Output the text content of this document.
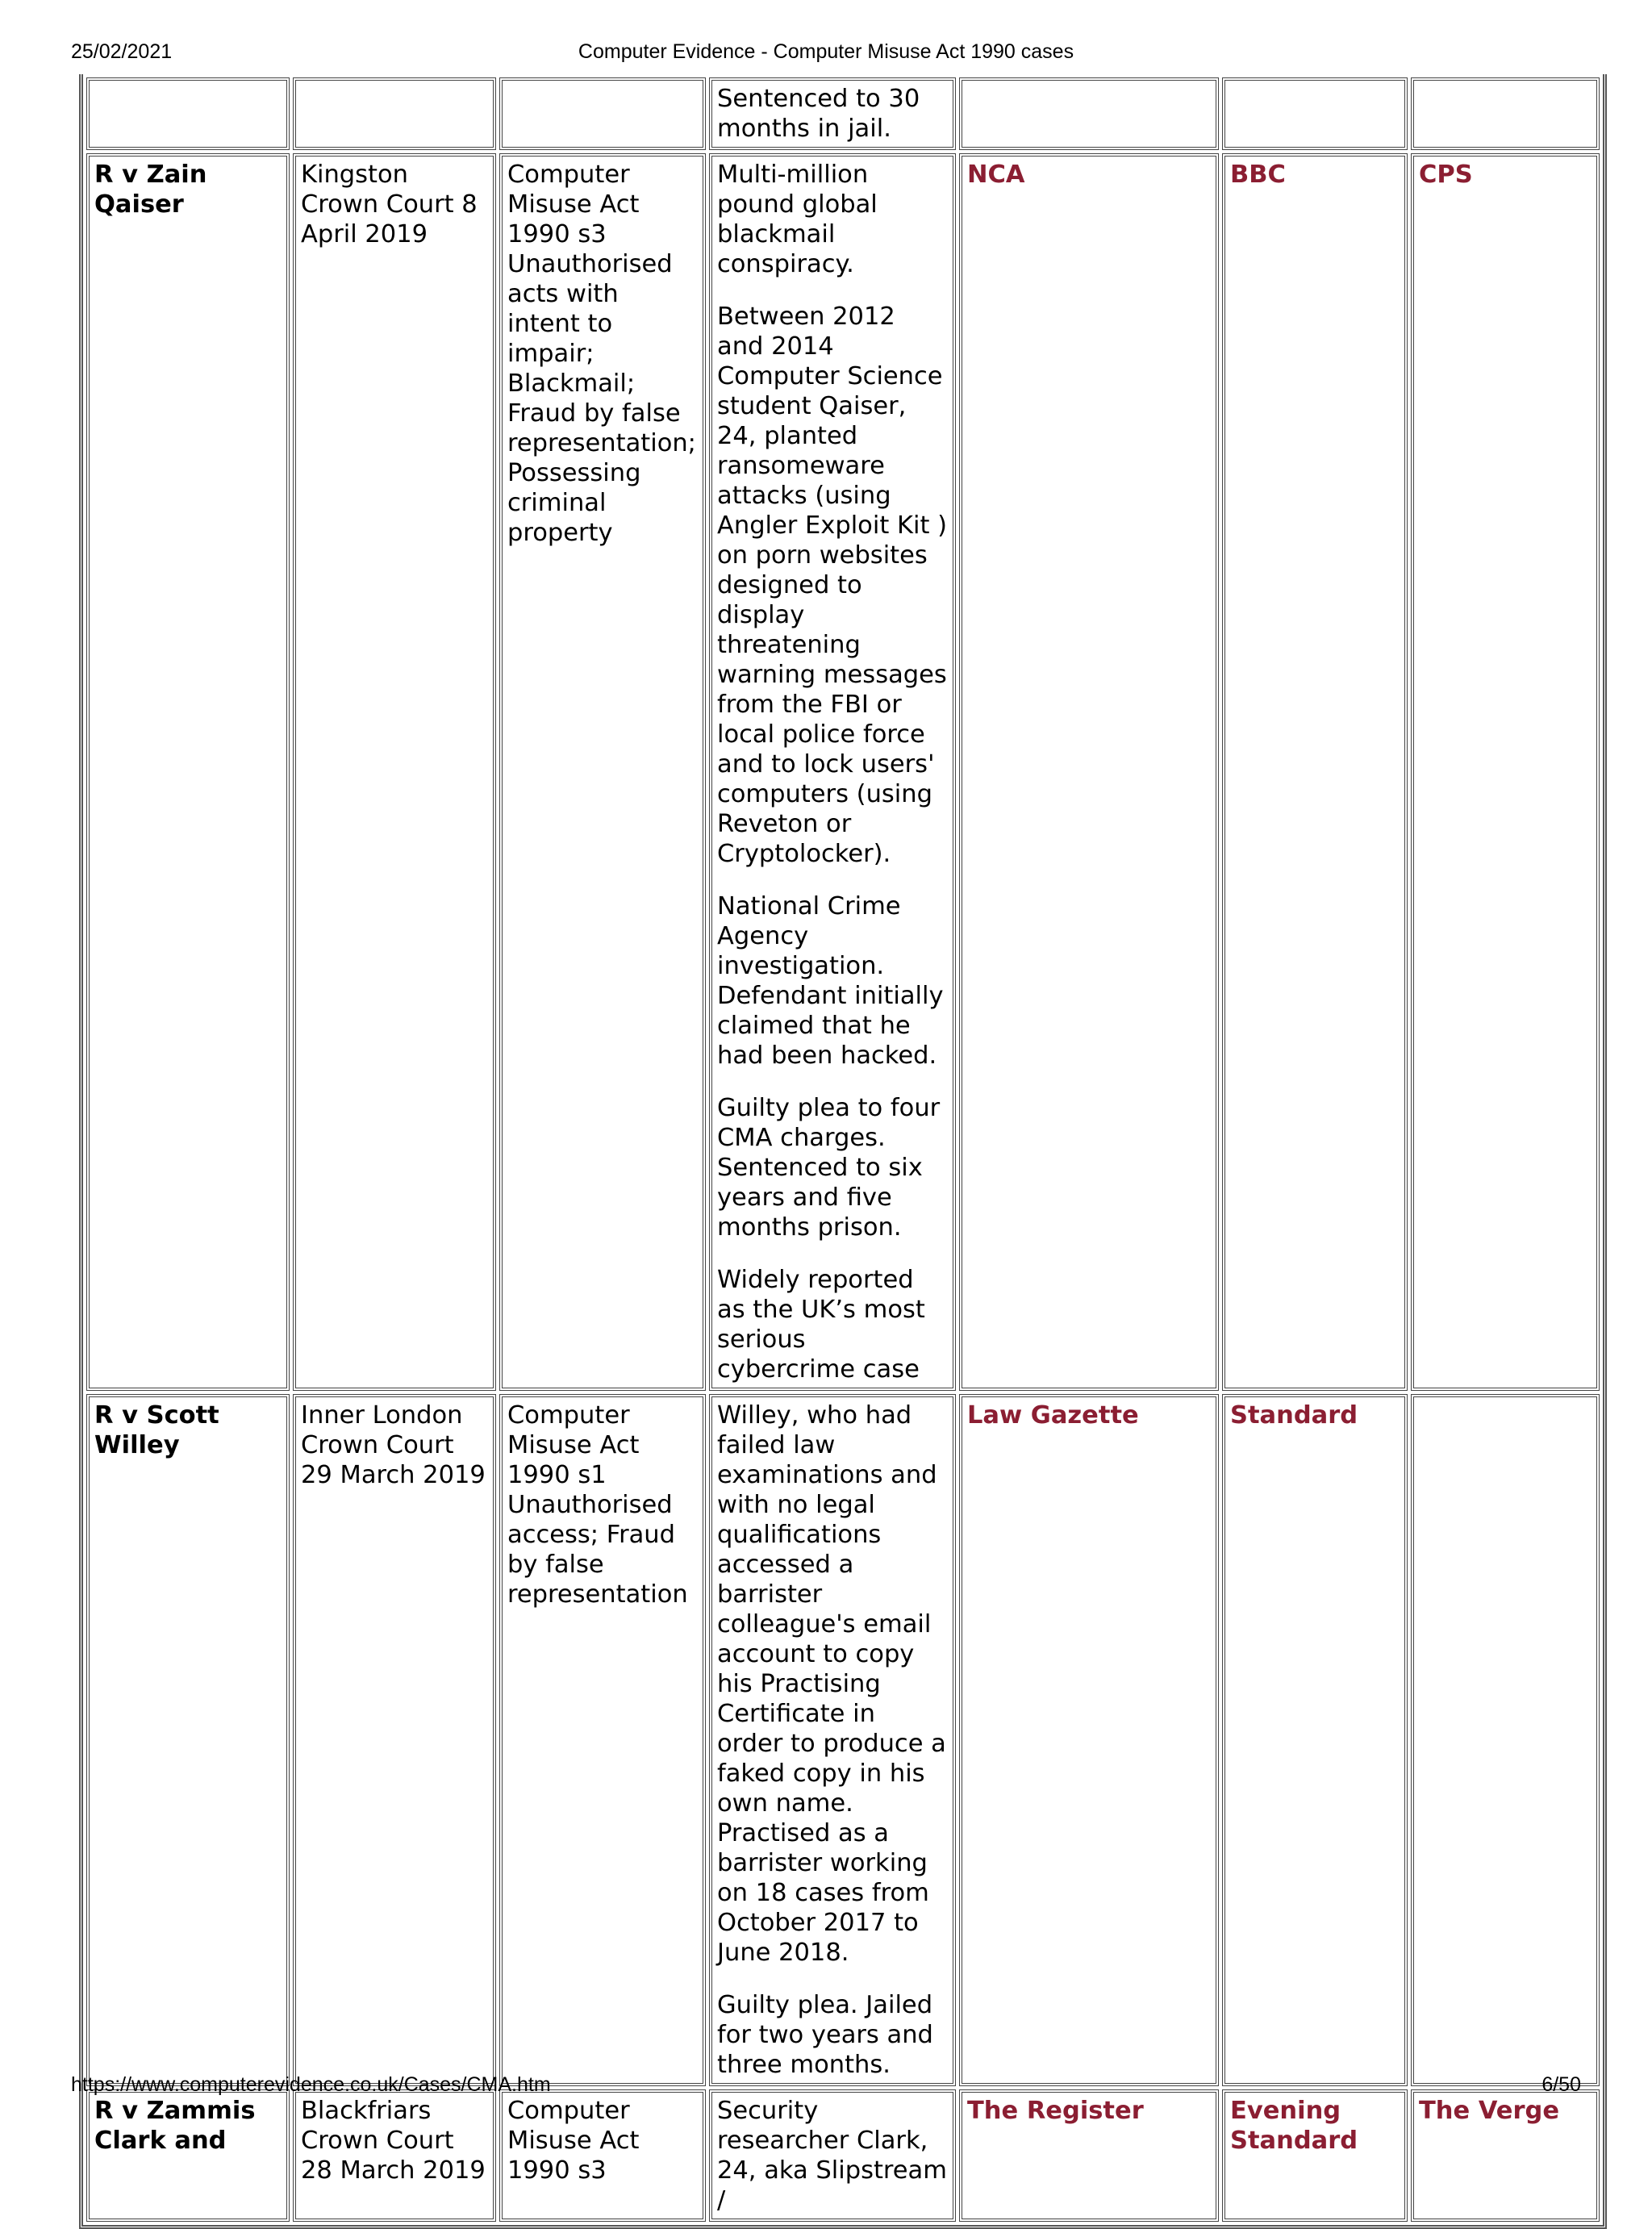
25/02/2021	Computer Evidence - Computer Misuse Act 1990 cases

			Sentenced to 30 months in jail.			

R v Zain Qaiser	Kingston Crown Court 8 April 2019	Computer Misuse Act 1990 s3 Unauthorised acts with intent to impair; Blackmail; Fraud by false representation; Possessing criminal property	Multi-million pound global blackmail conspiracy.

Between 2012 and 2014 Computer Science student Qaiser, 24, planted ransomeware attacks (using Angler Exploit Kit ) on porn websites designed to display threatening warning messages from the FBI or local police force and to lock users' computers (using Reveton or Cryptolocker).

National Crime Agency investigation. Defendant initially claimed that he had been hacked.

Guilty plea to four CMA charges. Sentenced to six years and five months prison.

Widely reported as the UK’s most serious cybercrime case	NCA	BBC	CPS
R v Scott Willey	Inner London Crown Court 29 March 2019	Computer Misuse Act 1990 s1 Unauthorised access; Fraud by false representation	Willey, who had failed law examinations and with no legal qualifications accessed a barrister colleague's email account to copy his Practising Certificate in order to produce a faked copy in his own name. Practised as a barrister working on 18 cases from October 2017 to June 2018.

Guilty plea. Jailed for two years and three months.	Law Gazette	Standard	
R v Zammis Clark and	Blackfriars Crown Court 28 March 2019	Computer Misuse Act 1990 s3	Security researcher Clark, 24, aka Slipstream /	The Register	Evening Standard	The Verge
https://www.computerevidence.co.uk/Cases/CMA.htm	6/50
